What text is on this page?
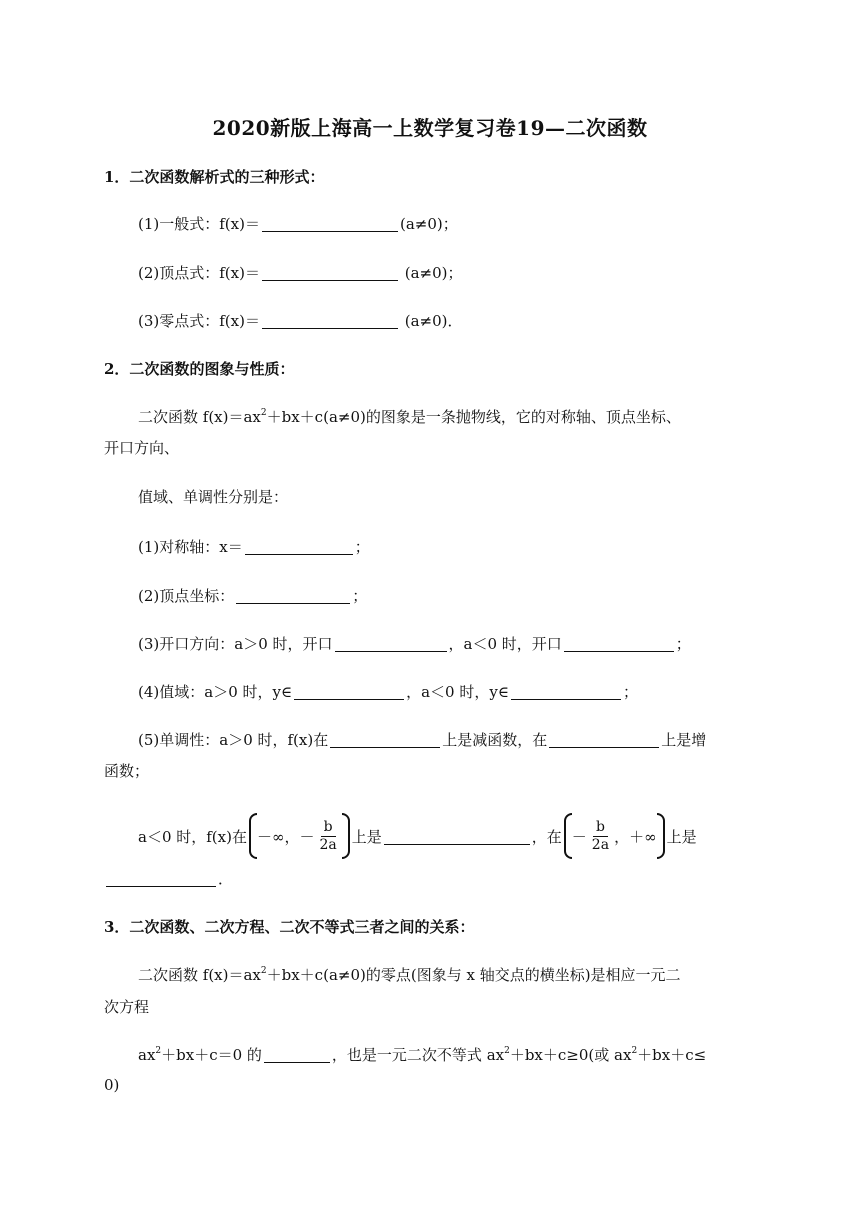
2020新版上海高一上数学复习卷19—二次函数
1．二次函数解析式的三种形式：
(1)一般式：f(x)＝	(a≠0)；
(2)顶点式：f(x)＝	(a≠0)；
(3)零点式：f(x)＝	(a≠0)．
2．二次函数的图象与性质：
二次函数 $f(x)=ax^2+bx+c(a\ne 0)$的图象是一条抛物线，它的对称轴、顶点坐标、
开口方向、
值域、单调性分别是：
(1)对称轴：x＝	；
(2)顶点坐标：	；
(3)开口方向：a＞0 时，开口	，a＜0 时，开口	；
(4)值域：a＞0 时，y∈	，a＜0 时，y∈	；
(5)单调性：a＞0 时，f(x)在	上是减函数，在	上是增
函数；
a＜0 时，f(x)在 －∞，－ $\frac{b}{2a}$ 上是	，在 － $\frac{b}{2a}$ ，＋∞ 上是
．
3．二次函数、二次方程、二次不等式三者之间的关系：
二次函数 $f(x)=ax^2+bx+c(a\ne 0)$的零点(图象与 x 轴交点的横坐标)是相应一元二
次方程
$ax^2+bx+c=0$ 的	，也是一元二次不等式 $ax^2+bx+c\ge 0$(或 $ax^2+bx+c\le$
0)
